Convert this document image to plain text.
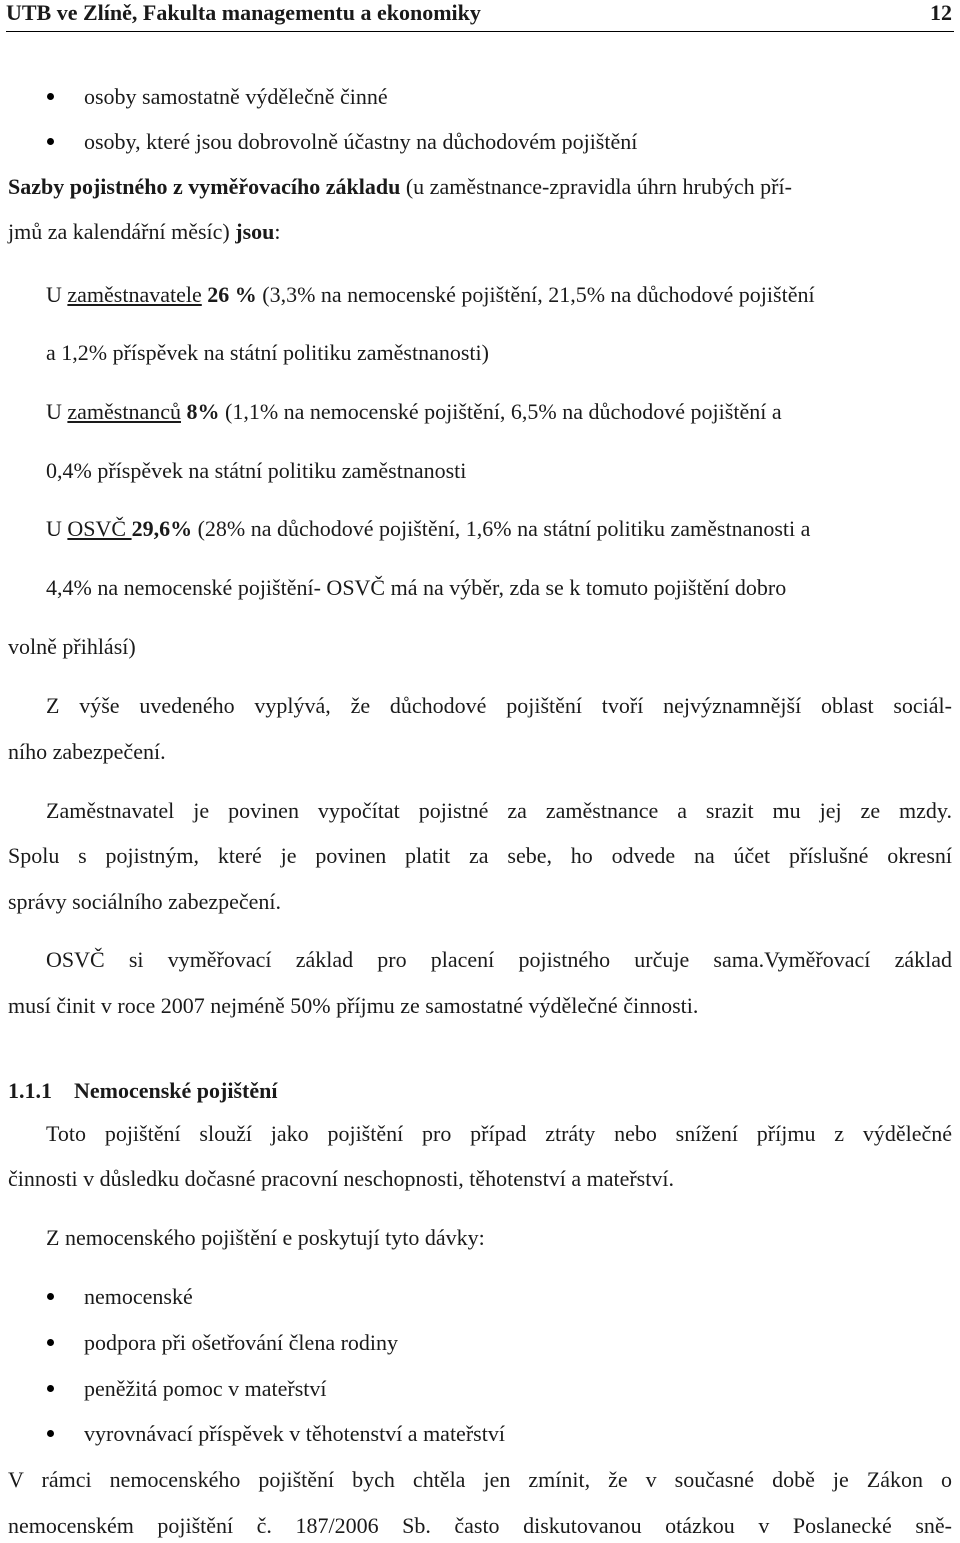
UTB ve Zlíně, Fakulta managementu a ekonomiky	12
osoby samostatně výdělečně činné
osoby, které jsou dobrovolně účastny na důchodovém pojištění
Sazby pojistného z vyměřovacího základu (u zaměstnance-zpravidla úhrn hrubých pří-
jmů za kalendářní měsíc) jsou:
U zaměstnavatele 26 % (3,3% na nemocenské pojištění, 21,5% na důchodové pojištění
a 1,2% příspěvek na státní politiku zaměstnanosti)
U zaměstnanců 8% (1,1% na nemocenské pojištění, 6,5% na důchodové pojištění a
0,4% příspěvek na státní politiku zaměstnanosti
U OSVČ 29,6% (28% na důchodové pojištění, 1,6% na státní politiku zaměstnanosti a
4,4% na nemocenské pojištění- OSVČ má na výběr, zda se k tomuto pojištění dobro
volně přihlásí)
Z výše uvedeného vyplývá, že důchodové pojištění tvoří nejvýznamnější oblast sociál-
ního zabezpečení.
Zaměstnavatel je povinen vypočítat pojistné za zaměstnance a srazit mu jej ze mzdy.
Spolu s pojistným, které je povinen platit za sebe, ho odvede na účet příslušné okresní
správy sociálního zabezpečení.
OSVČ si vyměřovací základ pro placení pojistného určuje sama.Vyměřovací základ
musí činit v roce 2007 nejméně 50% příjmu ze samostatné výdělečné činnosti.
1.1.1 Nemocenské pojištění
Toto pojištění slouží jako pojištění pro případ ztráty nebo snížení příjmu z výdělečné
činnosti v důsledku dočasné pracovní neschopnosti, těhotenství a mateřství.
Z nemocenského pojištění e poskytují tyto dávky:
nemocenské
podpora při ošetřování člena rodiny
peněžitá pomoc v mateřství
vyrovnávací příspěvek v těhotenství a mateřství
V rámci nemocenského pojištění bych chtěla jen zmínit, že v současné době je Zákon o
nemocenském pojištění č. 187/2006 Sb. často diskutovanou otázkou v Poslanecké sně-
